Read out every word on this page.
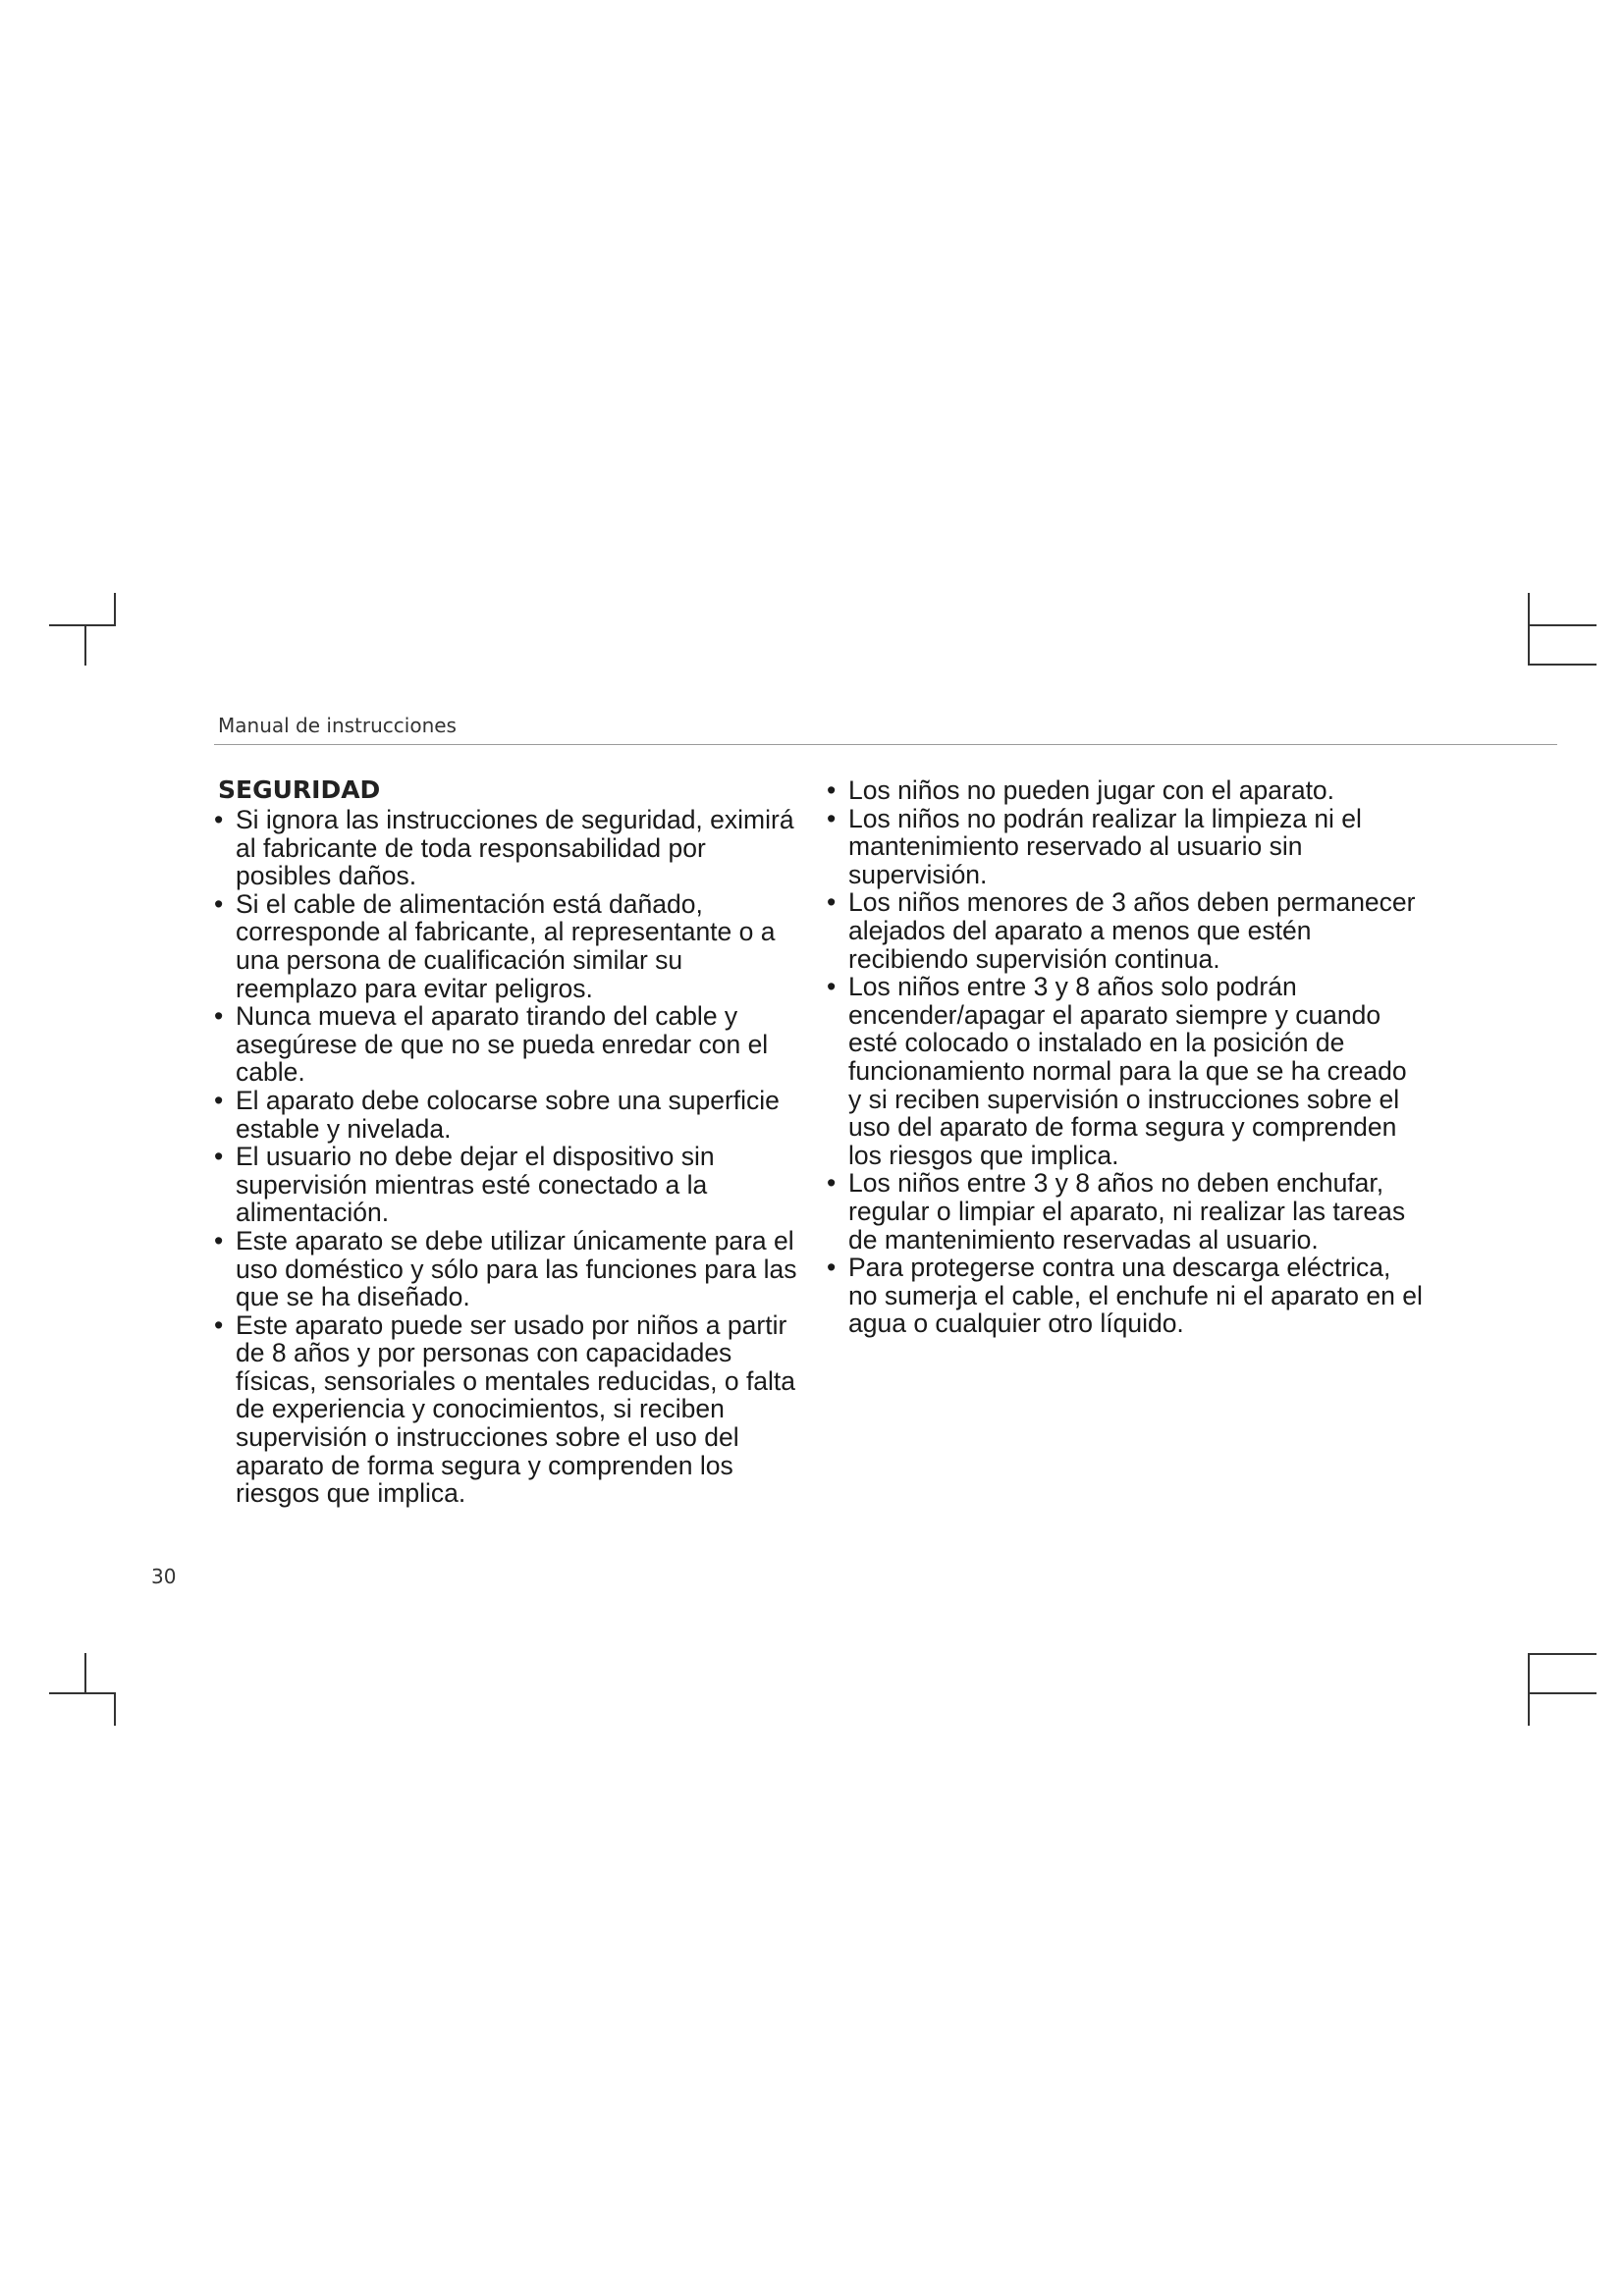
Manual de instrucciones
SEGURIDAD
• Si ignora las instrucciones de seguridad, eximirá al fabricante de toda responsabilidad por posibles daños.
• Si el cable de alimentación está dañado, corresponde al fabricante, al representante o a una persona de cualificación similar su reemplazo para evitar peligros.
• Nunca mueva el aparato tirando del cable y asegúrese de que no se pueda enredar con el cable.
• El aparato debe colocarse sobre una superficie estable y nivelada.
• El usuario no debe dejar el dispositivo sin supervisión mientras esté conectado a la alimentación.
• Este aparato se debe utilizar únicamente para el uso doméstico y sólo para las funciones para las que se ha diseñado.
• Este aparato puede ser usado por niños a partir de 8 años y por personas con capacidades físicas, sensoriales o mentales reducidas, o falta de experiencia y conocimientos, si reciben supervisión o instrucciones sobre el uso del aparato de forma segura y comprenden los riesgos que implica.
• Los niños no pueden jugar con el aparato.
• Los niños no podrán realizar la limpieza ni el mantenimiento reservado al usuario sin supervisión.
• Los niños menores de 3 años deben permanecer alejados del aparato a menos que estén recibiendo supervisión continua.
• Los niños entre 3 y 8 años solo podrán encender/apagar el aparato siempre y cuando esté colocado o instalado en la posición de funcionamiento normal para la que se ha creado y si reciben supervisión o instrucciones sobre el uso del aparato de forma segura y comprenden los riesgos que implica.
• Los niños entre 3 y 8 años no deben enchufar, regular o limpiar el aparato, ni realizar las tareas de mantenimiento reservadas al usuario.
• Para protegerse contra una descarga eléctrica, no sumerja el cable, el enchufe ni el aparato en el agua o cualquier otro líquido.
30
